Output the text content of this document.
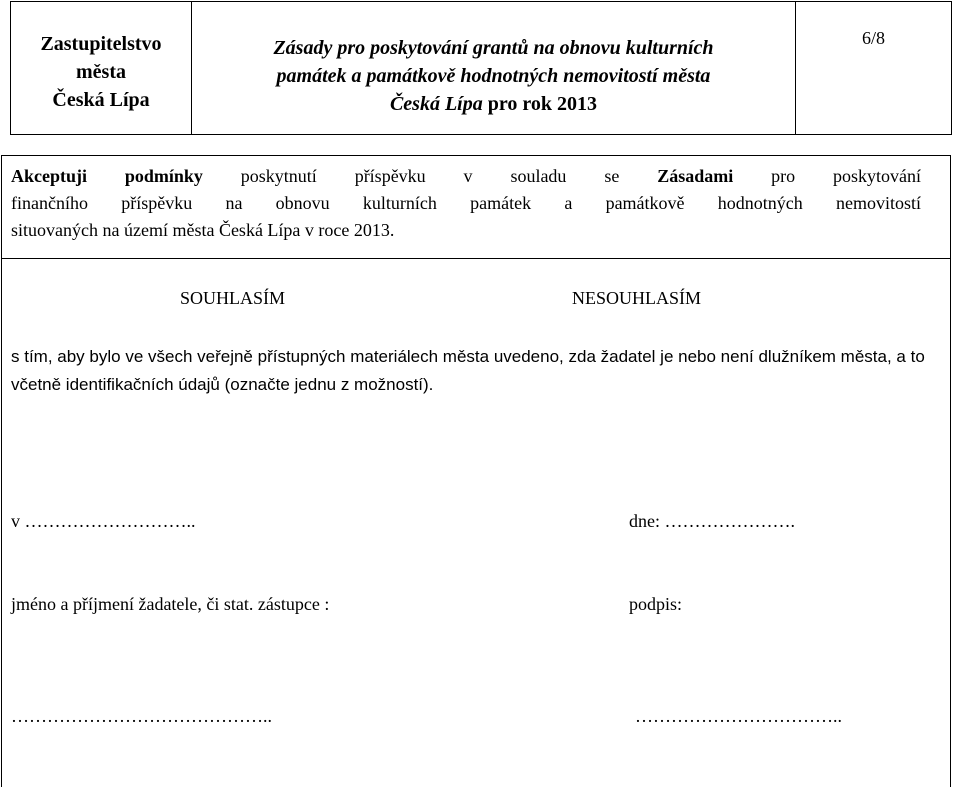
Zastupitelstvo
města
Česká Lípa
Zásady pro poskytování grantů na obnovu kulturních
památek a památkově hodnotných nemovitostí města
Česká Lípa pro rok 2013
6/8
Akceptuji podmínky poskytnutí příspěvku v souladu se Zásadami pro poskytování
finančního příspěvku na obnovu kulturních památek a památkově hodnotných nemovitostí
situovaných na území města Česká Lípa v roce 2013.
SOUHLASÍM	NESOUHLASÍM
s tím, aby bylo ve všech veřejně přístupných materiálech města uvedeno, zda žadatel je nebo není dlužníkem města, a to včetně identifikačních údajů (označte jednu z možností).
v ………………………..	dne: ………………….
jméno a příjmení žadatele, či stat. zástupce :	podpis:
……………………………………..	……………………………..
